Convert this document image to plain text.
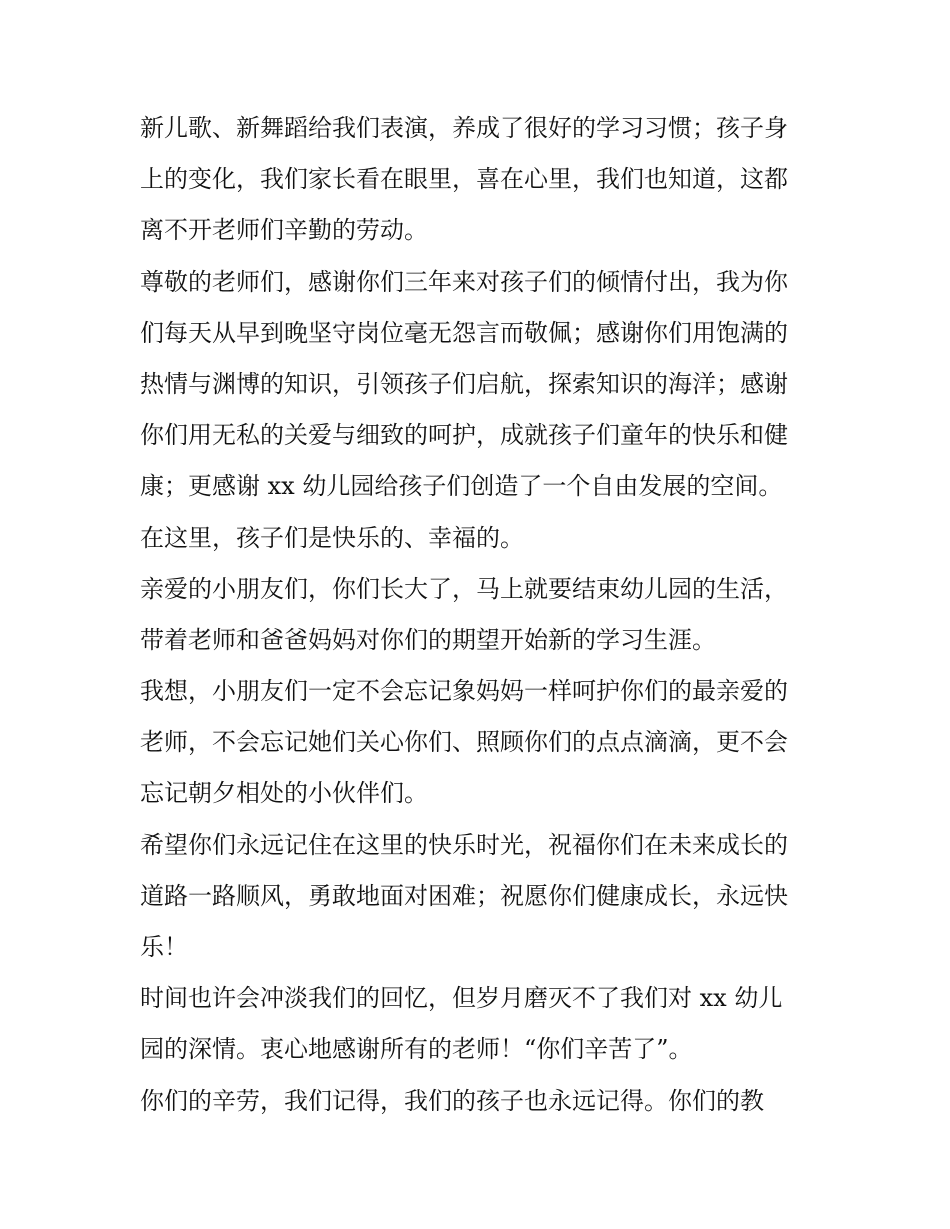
新儿歌、新舞蹈给我们表演，养成了很好的学习习惯；孩子身
上的变化，我们家长看在眼里，喜在心里，我们也知道，这都
离不开老师们辛勤的劳动。
尊敬的老师们，感谢你们三年来对孩子们的倾情付出，我为你
们每天从早到晚坚守岗位毫无怨言而敬佩；感谢你们用饱满的
热情与渊博的知识，引领孩子们启航，探索知识的海洋；感谢
你们用无私的关爱与细致的呵护，成就孩子们童年的快乐和健
康；更感谢 xx 幼儿园给孩子们创造了一个自由发展的空间。
在这里，孩子们是快乐的、幸福的。
亲爱的小朋友们，你们长大了，马上就要结束幼儿园的生活，
带着老师和爸爸妈妈对你们的期望开始新的学习生涯。
我想，小朋友们一定不会忘记象妈妈一样呵护你们的最亲爱的
老师，不会忘记她们关心你们、照顾你们的点点滴滴，更不会
忘记朝夕相处的小伙伴们。
希望你们永远记住在这里的快乐时光，祝福你们在未来成长的
道路一路顺风，勇敢地面对困难；祝愿你们健康成长，永远快
乐！
时间也许会冲淡我们的回忆，但岁月磨灭不了我们对 xx 幼儿
园的深情。衷心地感谢所有的老师！“你们辛苦了”。
你们的辛劳，我们记得，我们的孩子也永远记得。你们的教
